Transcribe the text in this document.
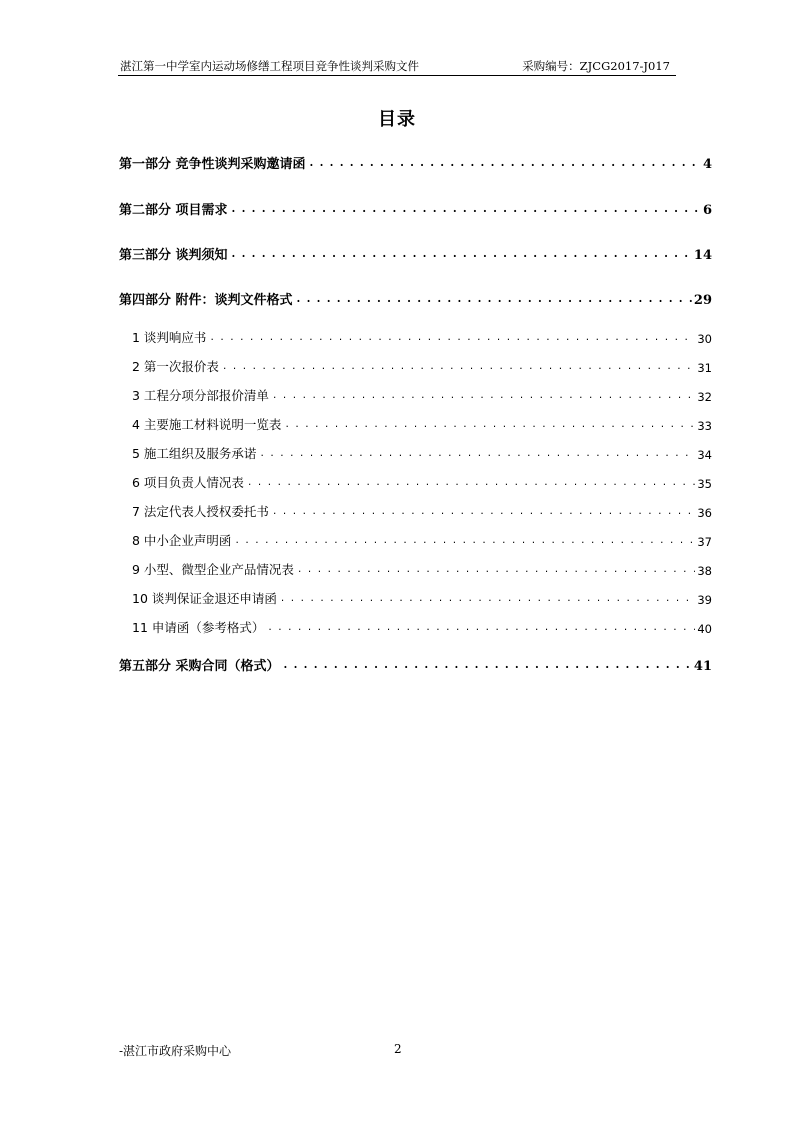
湛江第一中学室内运动场修缮工程项目竞争性谈判采购文件	采购编号：ZJCG2017-J017
目录
第一部分 竞争性谈判采购邀请函 . . .	4
第二部分 项目需求 . . .	6
第三部分 谈判须知 . . .	14
第四部分 附件：谈判文件格式 . . .	29
1 谈判响应书 . . .	30
2 第一次报价表 . . .	31
3 工程分项分部报价清单 . . .	32
4 主要施工材料说明一览表 . . .	33
5 施工组织及服务承诺 . . .	34
6 项目负责人情况表 . . .	35
7 法定代表人授权委托书 . . .	36
8 中小企业声明函 . . .	37
9 小型、微型企业产品情况表 . . .	38
10 谈判保证金退还申请函 . . .	39
11 申请函（参考格式） . . .	40
第五部分 采购合同（格式） . . .	41
-湛江市政府采购中心	2
